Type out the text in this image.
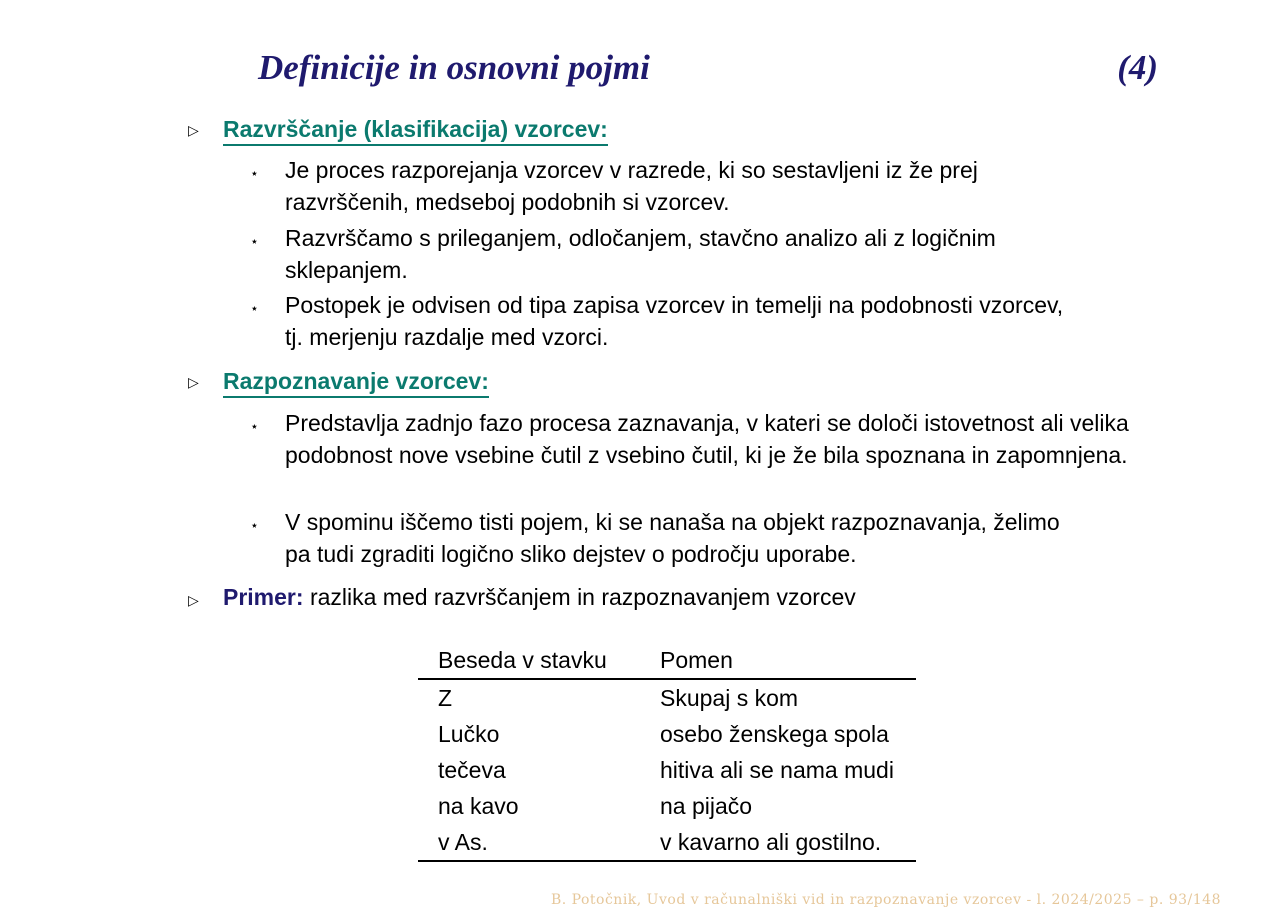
Definicije in osnovni pojmi	(4)
▷ Razvrščanje (klasifikacija) vzorcev:
⋆ Je proces razporejanja vzorcev v razrede, ki so sestavljeni iz že prej razvrščenih, medseboj podobnih si vzorcev.
⋆ Razvrščamo s prileganjem, odločanjem, stavčno analizo ali z logičnim sklepanjem.
⋆ Postopek je odvisen od tipa zapisa vzorcev in temelji na podobnosti vzorcev, tj. merjenju razdalje med vzorci.
▷ Razpoznavanje vzorcev:
⋆ Predstavlja zadnjo fazo procesa zaznavanja, v kateri se določi istovetnost ali velika podobnost nove vsebine čutil z vsebino čutil, ki je že bila spoznana in zapomnjena.
⋆ V spominu iščemo tisti pojem, ki se nanaša na objekt razpoznavanja, želimo pa tudi zgraditi logično sliko dejstev o področju uporabe.
▷ Primer: razlika med razvrščanjem in razpoznavanjem vzorcev
Beseda v stavku	Pomen
Z	Skupaj s kom
Lučko	osebo ženskega spola
tečeva	hitiva ali se nama mudi
na kavo	na pijačo
v As.	v kavarno ali gostilno.
B. Potočnik, Uvod v računalniški vid in razpoznavanje vzorcev - l. 2024/2025 – p. 93/148
